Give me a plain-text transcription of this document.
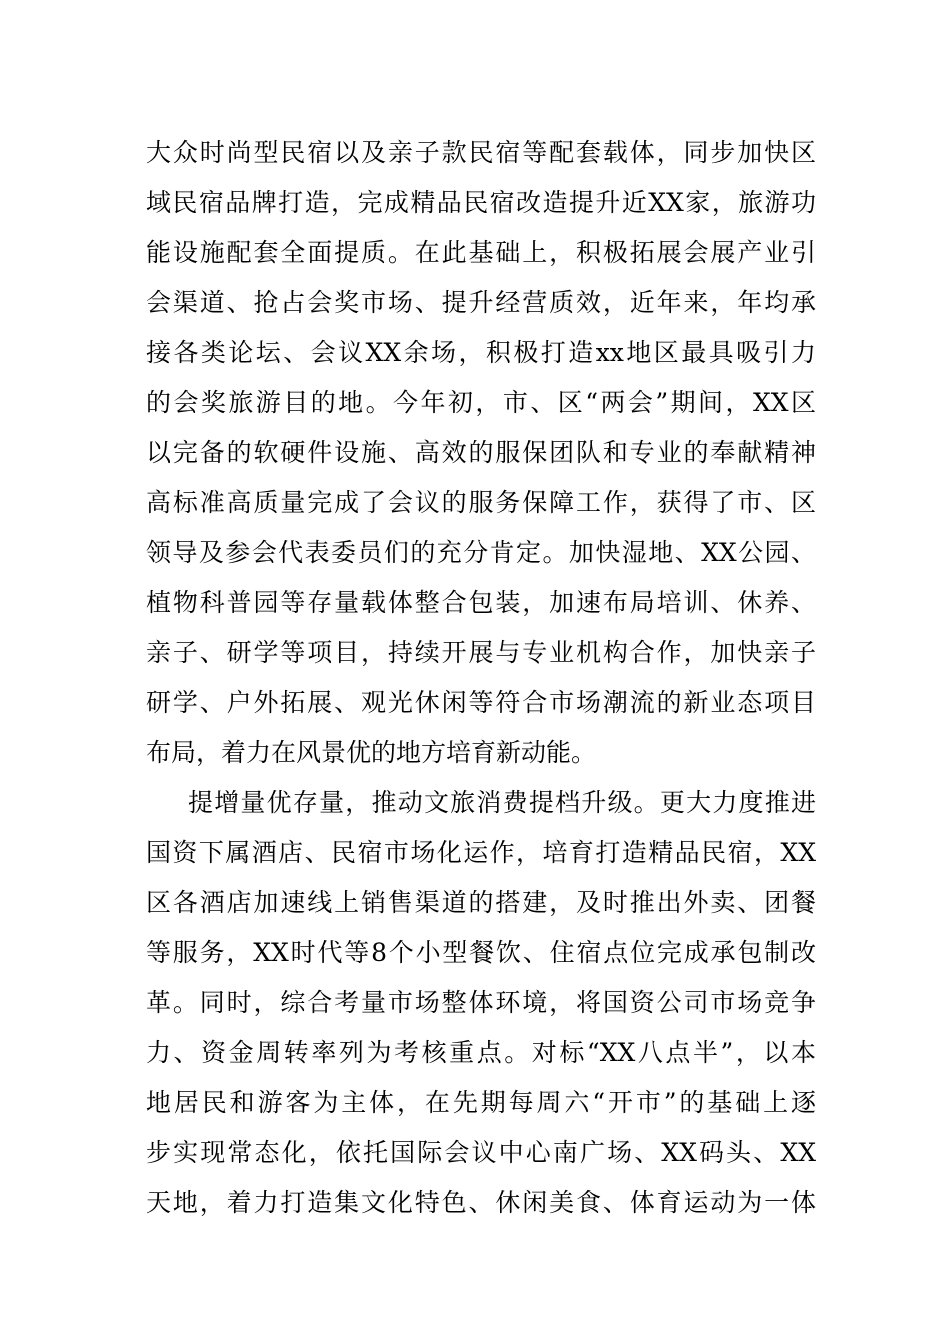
大众时尚型民宿以及亲子款民宿等配套载体，同步加快区
域民宿品牌打造，完成精品民宿改造提升近XX家，旅游功
能设施配套全面提质。在此基础上，积极拓展会展产业引
会渠道、抢占会奖市场、提升经营质效，近年来，年均承
接各类论坛、会议XX余场，积极打造xx地区最具吸引力
的会奖旅游目的地。今年初，市、区“两会”期间，XX区
以完备的软硬件设施、高效的服保团队和专业的奉献精神
高标准高质量完成了会议的服务保障工作，获得了市、区
领导及参会代表委员们的充分肯定。加快湿地、XX公园、
植物科普园等存量载体整合包装，加速布局培训、休养、
亲子、研学等项目，持续开展与专业机构合作，加快亲子
研学、户外拓展、观光休闲等符合市场潮流的新业态项目
布局，着力在风景优的地方培育新动能。
提增量优存量，推动文旅消费提档升级。更大力度推进
国资下属酒店、民宿市场化运作，培育打造精品民宿，XX
区各酒店加速线上销售渠道的搭建，及时推出外卖、团餐
等服务，XX时代等8个小型餐饮、住宿点位完成承包制改
革。同时，综合考量市场整体环境，将国资公司市场竞争
力、资金周转率列为考核重点。对标“XX八点半”，以本
地居民和游客为主体，在先期每周六“开市”的基础上逐
步实现常态化，依托国际会议中心南广场、XX码头、XX
天地，着力打造集文化特色、休闲美食、体育运动为一体
